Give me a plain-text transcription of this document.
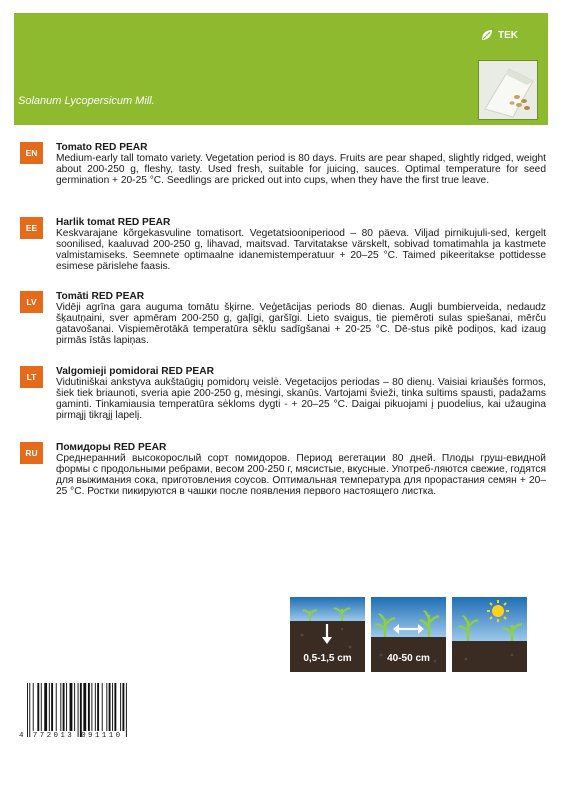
TEK
Solanum Lycopersicum Mill.
EN	Tomato RED PEAR
Medium-early tall tomato variety. Vegetation period is 80 days. Fruits are pear shaped, slightly ridged, weight about 200-250 g, fleshy, tasty. Used fresh, suitable for juicing, sauces. Optimal temperature for seed germination + 20-25 °C. Seedlings are pricked out into cups, when they have the first true leave.
EE	Harlik tomat RED PEAR
Keskvarajane kõrgekasvuline tomatisort. Vegetatsiooniperiood – 80 päeva. Viljad pirnikujuli-sed, kergelt soonilised, kaaluvad 200-250 g, lihavad, maitsvad. Tarvitatakse värskelt, sobivad tomatimahla ja kastmete valmistamiseks. Seemnete optimaalne idanemistemperatuur + 20–25 °C. Taimed pikeeritakse pottidesse esimese pärislehe faasis.
LV	Tomāti RED PEAR
Vidēji agrīna gara auguma tomātu šķirne. Veģetācijas periods 80 dienas. Augļi bumbierveida, nedaudz šķautņaini, sver apmēram 200-250 g, gaļīgi, garšīgi. Lieto svaigus, tie piemēroti sulas spiešanai, mērču gatavošanai. Vispiemērotākā temperatūra sēklu sadīgšanai + 20-25 °C. Dē-stus pikē podiņos, kad izaug pirmās īstās lapiņas.
LT	Valgomieji pomidorai RED PEAR
Vidutiniškai ankstyva aukštaūgių pomidorų veislė. Vegetacijos periodas – 80 dienų. Vaisiai kriaušės formos, šiek tiek briaunoti, sveria apie 200-250 g, mėsingi, skanūs. Vartojami švieži, tinka sultims spausti, padažams gaminti. Tinkamiausia temperatūra sėkloms dygti - + 20–25 °C. Daigai pikuojami į puodelius, kai užaugina pirmąjį tikrąjį lapelį.
RU	Помидоры RED PEAR
Среднеранний высокорослый сорт помидоров. Период вегетации 80 дней. Плоды груш-евидной формы с продольными ребрами, весом 200-250 г, мясистые, вкусные. Употреб-ляются свежие, годятся для выжимания сока, приготовления соусов. Оптимальная температура для прорастания семян + 20–25 °С. Ростки пикируются в чашки после появления первого настоящего листка.
0,5-1,5 cm	40-50 cm
4 772013 091110
